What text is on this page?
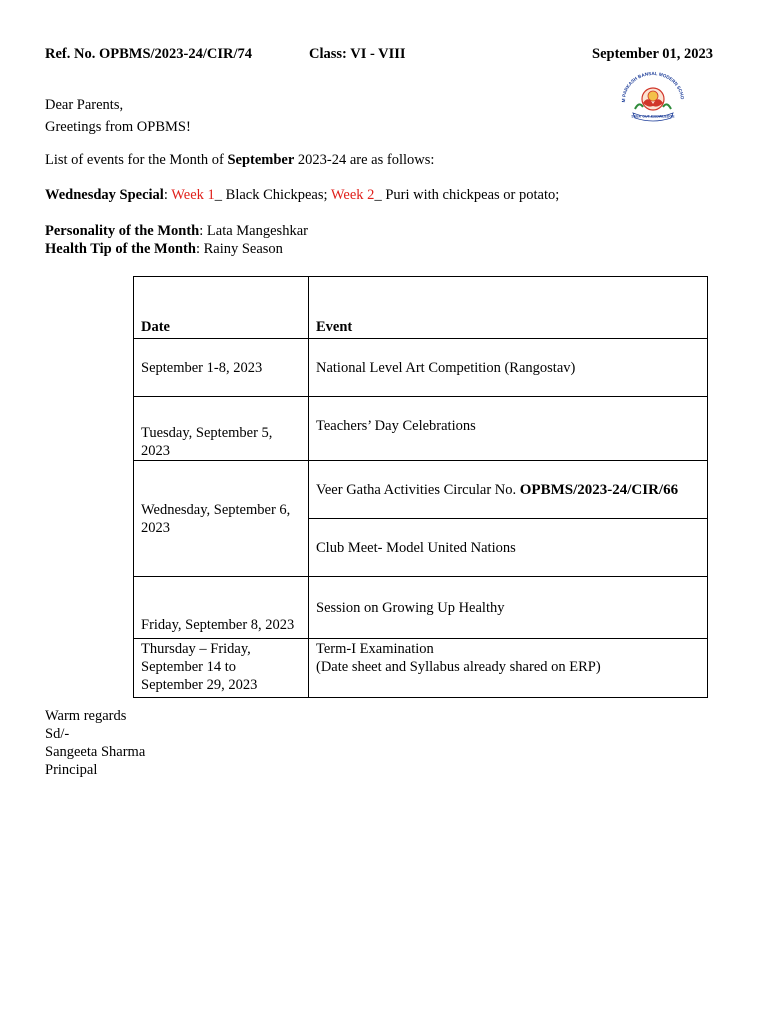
Ref. No. OPBMS/2023-24/CIR/74	Class: VI - VIII	September 01, 2023
M PARKASH BANSAL MODERN SCHO
SEEK OUT KNOWLEDGE
Dear Parents,
Greetings from OPBMS!
List of events for the Month of September 2023-24 are as follows:
Wednesday Special: Week 1_ Black Chickpeas; Week 2_ Puri with chickpeas or potato;
Personality of the Month: Lata Mangeshkar
Health Tip of the Month: Rainy Season
Date	Event
September 1-8, 2023	National Level Art Competition (Rangostav)
Tuesday, September 5, 2023	Teachers’ Day Celebrations
Wednesday, September 6, 2023	Veer Gatha Activities Circular No. OPBMS/2023-24/CIR/66
	Club Meet- Model United Nations
Friday, September 8, 2023	Session on Growing Up Healthy
Thursday – Friday, September 14 to September 29, 2023	Term-I Examination
(Date sheet and Syllabus already shared on ERP)
Warm regards
Sd/-
Sangeeta Sharma
Principal
